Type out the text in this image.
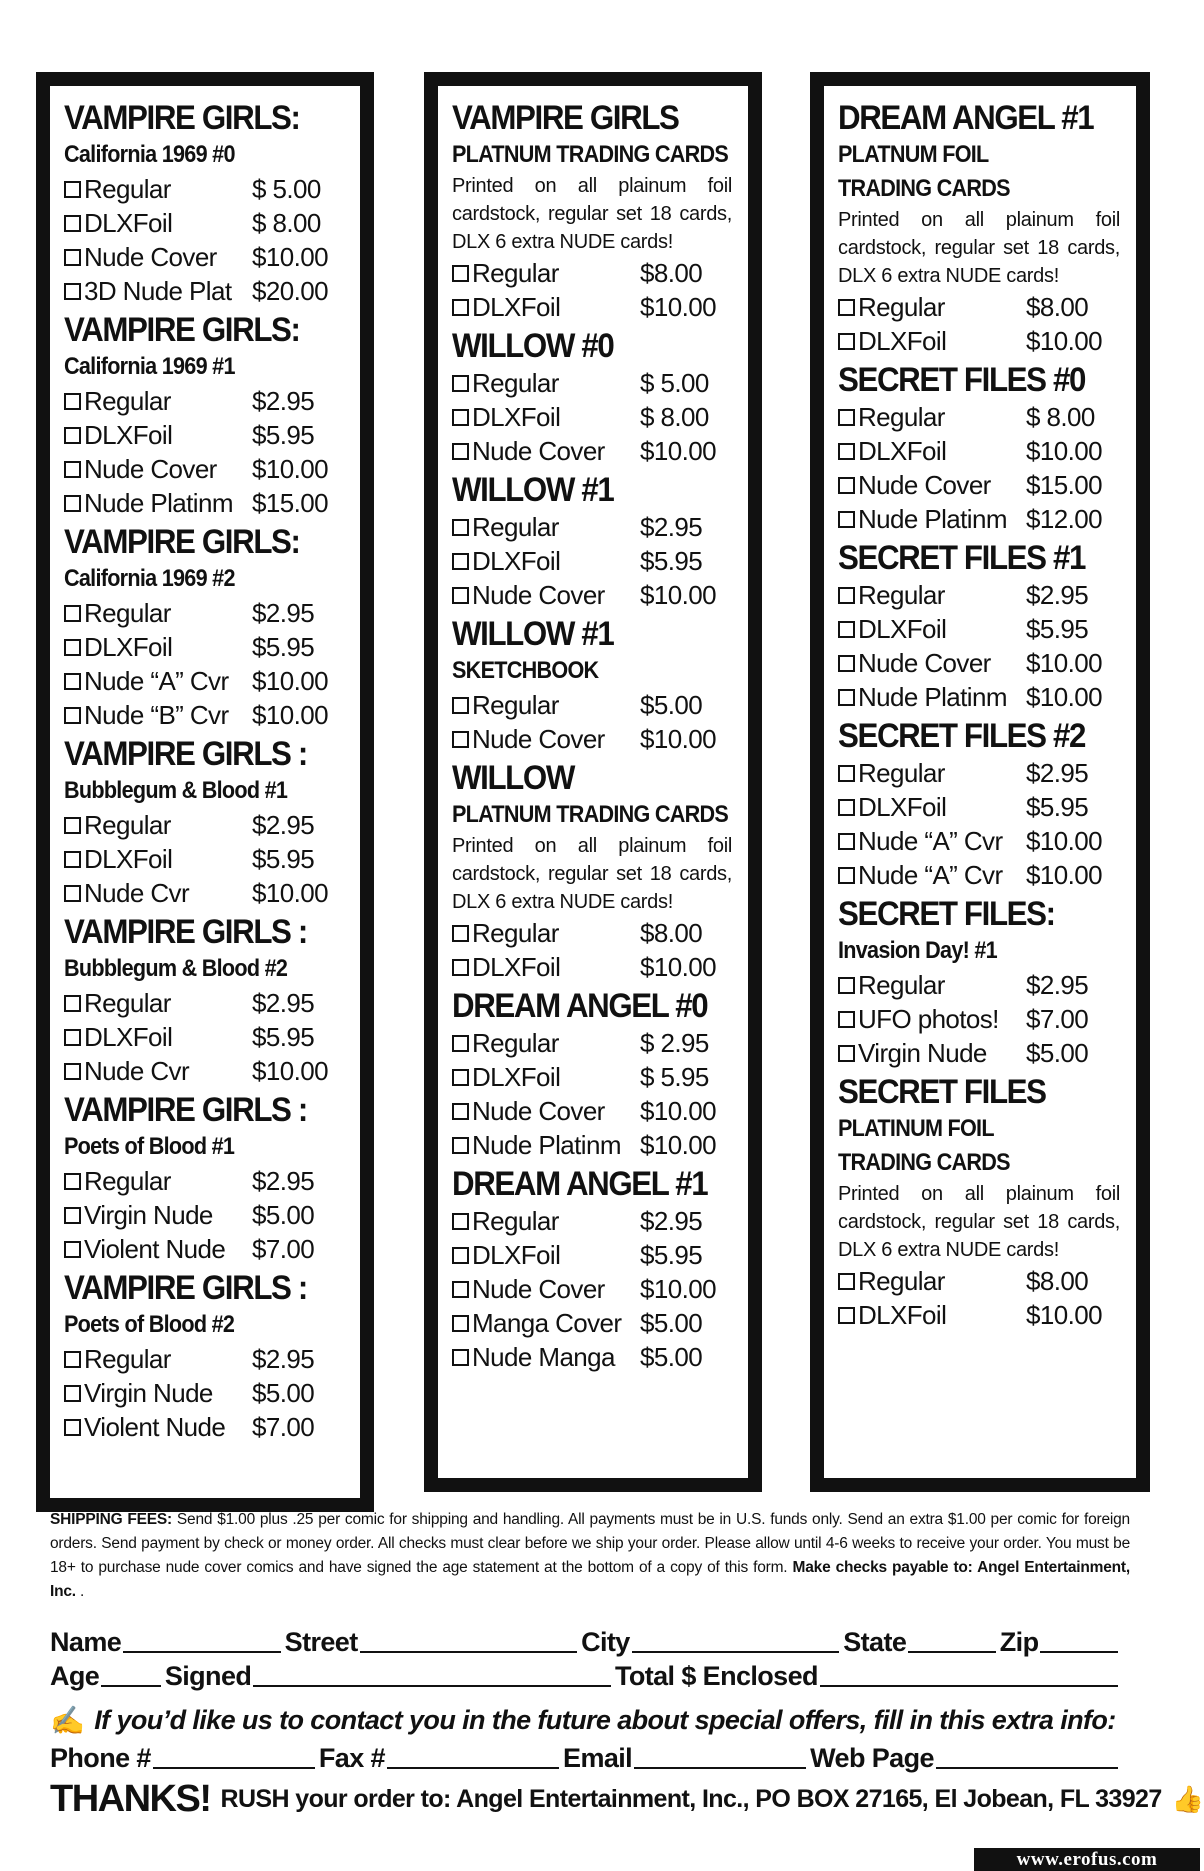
VAMPIRE GIRLS:
California 1969 #0
Regular	$ 5.00
DLXFoil	$ 8.00
Nude Cover	$10.00
3D Nude Plat $20.00
VAMPIRE GIRLS:
California 1969 #1
Regular	$2.95
DLXFoil	$5.95
Nude Cover	$10.00
Nude Platinm $15.00
VAMPIRE GIRLS:
California 1969 #2
Regular	$2.95
DLXFoil	$5.95
Nude “A” Cvr $10.00
Nude “B” Cvr $10.00
VAMPIRE GIRLS :
Bubblegum & Blood #1
Regular	$2.95
DLXFoil	$5.95
Nude Cvr	$10.00
VAMPIRE GIRLS :
Bubblegum & Blood #2
Regular	$2.95
DLXFoil	$5.95
Nude Cvr	$10.00
VAMPIRE GIRLS :
Poets of Blood #1
Regular	$2.95
Virgin Nude	$5.00
Violent Nude	$7.00
VAMPIRE GIRLS :
Poets of Blood #2
Regular	$2.95
Virgin Nude	$5.00
Violent Nude	$7.00
VAMPIRE GIRLS
PLATNUM TRADING CARDS
Printed on all plainum foil cardstock, regular set 18 cards, DLX 6 extra NUDE cards!
Regular	$8.00
DLXFoil	$10.00
WILLOW #0
Regular	$ 5.00
DLXFoil	$ 8.00
Nude Cover	$10.00
WILLOW #1
Regular	$2.95
DLXFoil	$5.95
Nude Cover	$10.00
WILLOW #1
SKETCHBOOK
Regular	$5.00
Nude Cover	$10.00
WILLOW
PLATNUM TRADING CARDS
Printed on all plainum foil cardstock, regular set 18 cards, DLX 6 extra NUDE cards!
Regular	$8.00
DLXFoil	$10.00
DREAM ANGEL #0
Regular	$ 2.95
DLXFoil	$ 5.95
Nude Cover	$10.00
Nude Platinm $10.00
DREAM ANGEL #1
Regular	$2.95
DLXFoil	$5.95
Nude Cover	$10.00
Manga Cover $5.00
Nude Manga $5.00
DREAM ANGEL #1
PLATNUM FOIL
TRADING CARDS
Printed on all plainum foil cardstock, regular set 18 cards, DLX 6 extra NUDE cards!
Regular	$8.00
DLXFoil	$10.00
SECRET FILES #0
Regular	$ 8.00
DLXFoil	$10.00
Nude Cover	$15.00
Nude Platinm $12.00
SECRET FILES #1
Regular	$2.95
DLXFoil	$5.95
Nude Cover	$10.00
Nude Platinm $10.00
SECRET FILES #2
Regular	$2.95
DLXFoil	$5.95
Nude “A” Cvr $10.00
Nude “A” Cvr $10.00
SECRET FILES:
Invasion Day! #1
Regular	$2.95
UFO photos!	$7.00
Virgin Nude	$5.00
SECRET FILES
PLATINUM FOIL
TRADING CARDS
Printed on all plainum foil cardstock, regular set 18 cards, DLX 6 extra NUDE cards!
Regular	$8.00
DLXFoil	$10.00
SHIPPING FEES: Send $1.00 plus .25 per comic for shipping and handling. All payments must be in U.S. funds only. Send an extra $1.00 per comic for foreign orders. Send payment by check or money order. All checks must clear before we ship your order. Please allow until 4-6 weeks to receive your order. You must be 18+ to purchase nude cover comics and have signed the age statement at the bottom of a copy of this form. Make checks payable to: Angel Entertainment, Inc. .
Name	Street	City	State	Zip
Age Signed	Total $ Enclosed
✍ If you’d like us to contact you in the future about special offers, fill in this extra info:
Phone #	Fax #	Email	Web Page
THANKS! RUSH your order to: Angel Entertainment, Inc., PO BOX 27165, El Jobean, FL 33927 👍
www.erofus.com
